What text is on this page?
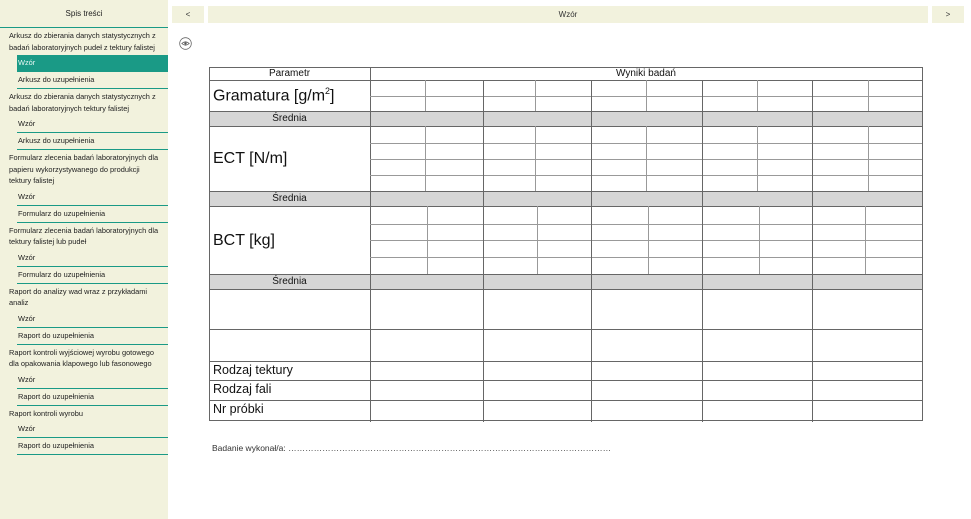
Spis treści
Arkusz do zbierania danych statystycznych z badań laboratoryjnych pudeł z tektury falistej
Wzór
Arkusz do uzupełnienia
Arkusz do zbierania danych statystycznych z badań laboratoryjnych tektury falistej
Wzór
Arkusz do uzupełnienia
Formularz zlecenia badań laboratoryjnych dla papieru wykorzystywanego do produkcji tektury falistej
Wzór
Formularz do uzupełnienia
Formularz zlecenia badań laboratoryjnych dla tektury falistej lub pudeł
Wzór
Formularz do uzupełnienia
Raport do analizy wad wraz z przykładami analiz
Wzór
Raport do uzupełnienia
Raport kontroli wyjściowej wyrobu gotowego dla opakowania klapowego lub fasonowego
Wzór
Raport do uzupełnienia
Raport kontroli wyrobu
Wzór
Raport do uzupełnienia
<	Wzór	>
Parametr	Wyniki badań
Gramatura $[g/m^2]$
Średnia
ECT [N/m]
Średnia
BCT [kg]
Średnia
Rodzaj tektury
Rodzaj fali
Nr próbki
Badanie wykonał/a: ……………………………………………………………………………………………………
